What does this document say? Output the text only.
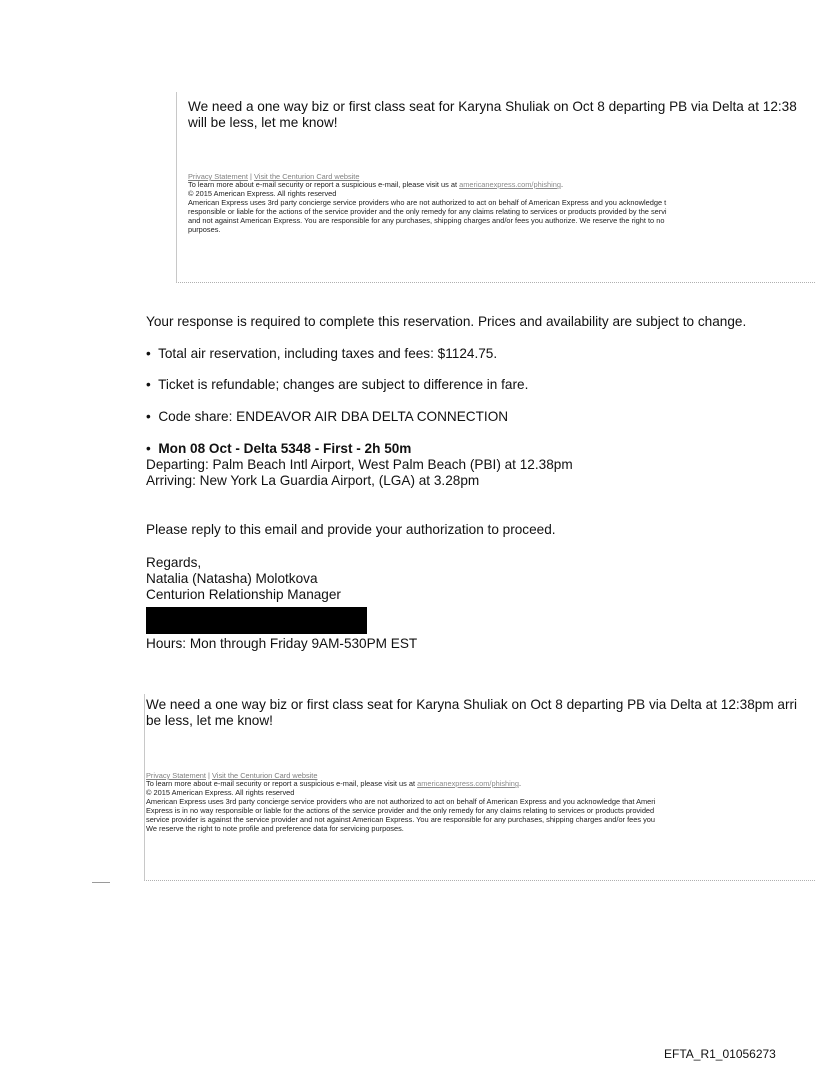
We need a one way biz or first class seat for Karyna Shuliak on Oct 8 departing PB via Delta at 12:38
will be less, let me know!
Privacy Statement | Visit the Centurion Card website
To learn more about e-mail security or report a suspicious e-mail, please visit us at americanexpress.com/phishing.
© 2015 American Express. All rights reserved
American Express uses 3rd party concierge service providers who are not authorized to act on behalf of American Express and you acknowledge t
responsible or liable for the actions of the service provider and the only remedy for any claims relating to services or products provided by the servi
and not against American Express. You are responsible for any purchases, shipping charges and/or fees you authorize. We reserve the right to no
purposes.
Your response is required to complete this reservation. Prices and availability are subject to change.
• Total air reservation, including taxes and fees: $1124.75.
• Ticket is refundable; changes are subject to difference in fare.
• Code share: ENDEAVOR AIR DBA DELTA CONNECTION
• Mon 08 Oct - Delta 5348 - First - 2h 50m
Departing: Palm Beach Intl Airport, West Palm Beach (PBI) at 12.38pm
Arriving: New York La Guardia Airport, (LGA) at 3.28pm
Please reply to this email and provide your authorization to proceed.
Regards,
Natalia (Natasha) Molotkova
Centurion Relationship Manager
Hours: Mon through Friday 9AM-530PM EST
We need a one way biz or first class seat for Karyna Shuliak on Oct 8 departing PB via Delta at 12:38pm arri
be less, let me know!
Privacy Statement | Visit the Centurion Card website
To learn more about e-mail security or report a suspicious e-mail, please visit us at americanexpress.com/phishing.
© 2015 American Express. All rights reserved
American Express uses 3rd party concierge service providers who are not authorized to act on behalf of American Express and you acknowledge that Ameri
Express is in no way responsible or liable for the actions of the service provider and the only remedy for any claims relating to services or products provided
service provider is against the service provider and not against American Express. You are responsible for any purchases, shipping charges and/or fees you
We reserve the right to note profile and preference data for servicing purposes.
EFTA_R1_01056273
